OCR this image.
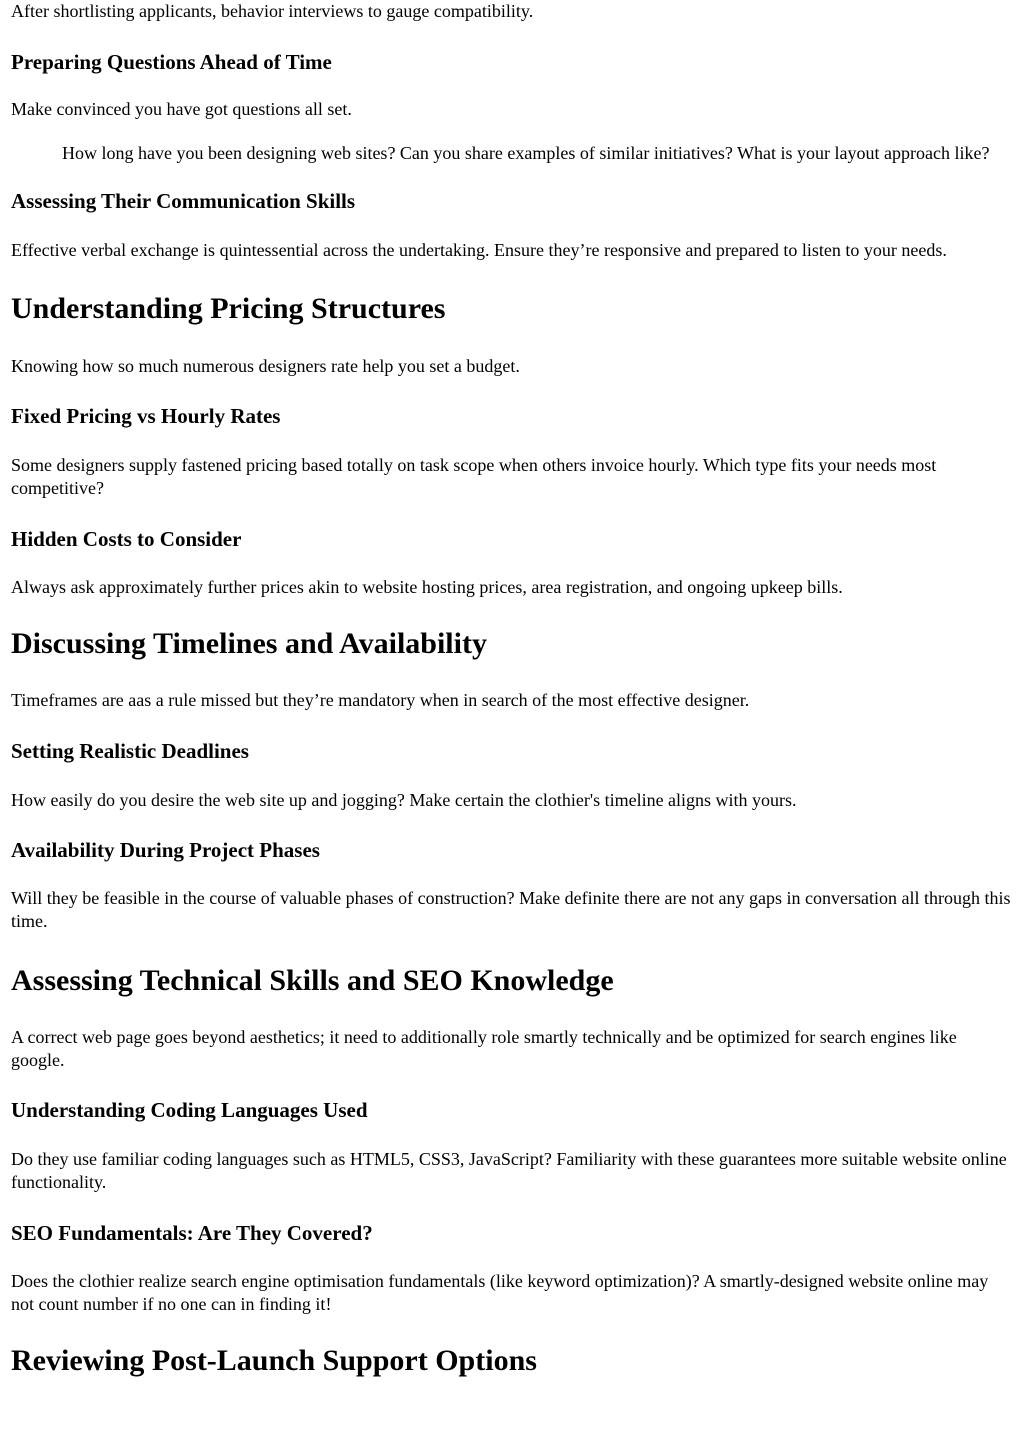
After shortlisting applicants, behavior interviews to gauge compatibility.

Preparing Questions Ahead of Time

Make convinced you have got questions all set.

How long have you been designing web sites? Can you share examples of similar initiatives? What is your layout approach like?
Assessing Their Communication Skills

Effective verbal exchange is quintessential across the undertaking. Ensure they’re responsive and prepared to listen to your needs.

Understanding Pricing Structures

Knowing how so much numerous designers rate help you set a budget.

Fixed Pricing vs Hourly Rates

Some designers supply fastened pricing based totally on task scope when others invoice hourly. Which type fits your needs most competitive?

Hidden Costs to Consider

Always ask approximately further prices akin to website hosting prices, area registration, and ongoing upkeep bills.

Discussing Timelines and Availability

Timeframes are aas a rule missed but they’re mandatory when in search of the most effective designer.

Setting Realistic Deadlines

How easily do you desire the web site up and jogging? Make certain the clothier's timeline aligns with yours.

Availability During Project Phases

Will they be feasible in the course of valuable phases of construction? Make definite there are not any gaps in conversation all through this time.

Assessing Technical Skills and SEO Knowledge

A correct web page goes beyond aesthetics; it need to additionally role smartly technically and be optimized for search engines like google.

Understanding Coding Languages Used

Do they use familiar coding languages such as HTML5, CSS3, JavaScript? Familiarity with these guarantees more suitable website online functionality.

SEO Fundamentals: Are They Covered?

Does the clothier realize search engine optimisation fundamentals (like keyword optimization)? A smartly-designed website online may not count number if no one can in finding it!

Reviewing Post-Launch Support Options
